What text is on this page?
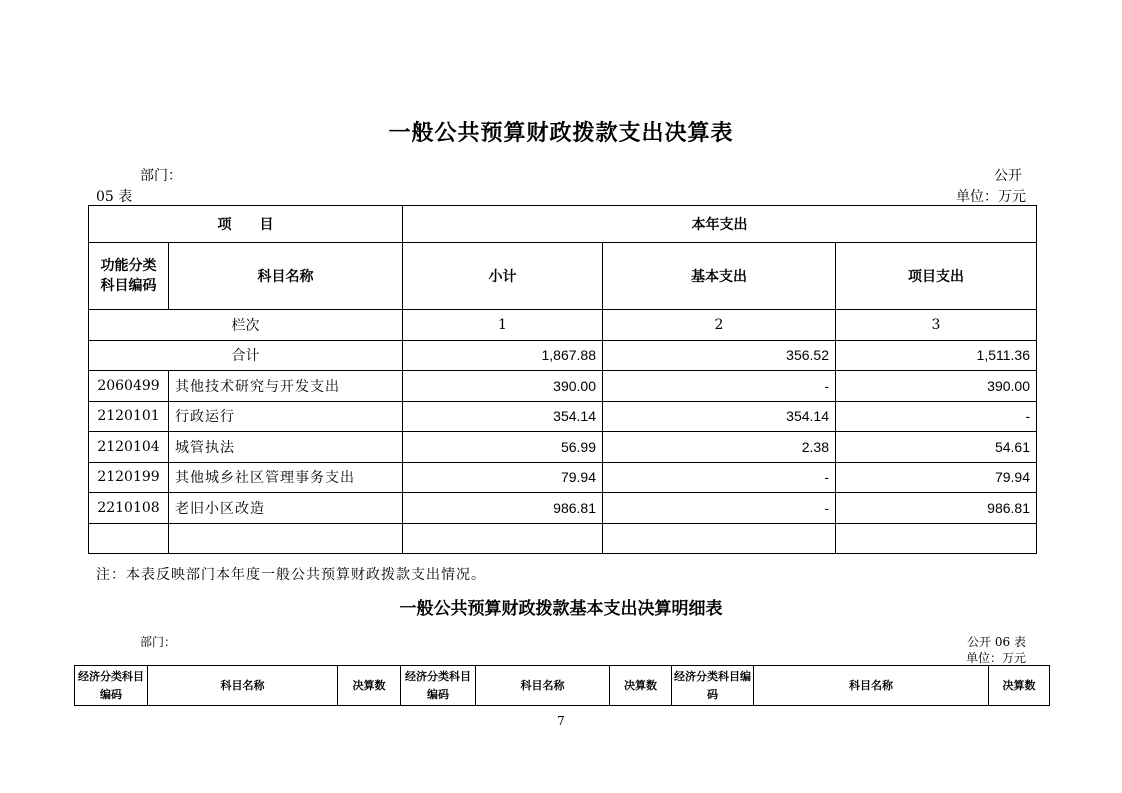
一般公共预算财政拨款支出决算表
部门：	公开
05 表	单位：万元
项　　目		本年支出		
功能分类科目编码	科目名称	小计	基本支出	项目支出
栏次		1	2	3
合计		1,867.88	356.52	1,511.36
2060499	其他技术研究与开发支出	390.00	-	390.00
2120101	行政运行	354.14	354.14	-
2120104	城管执法	56.99	2.38	54.61
2120199	其他城乡社区管理事务支出	79.94	-	79.94
2210108	老旧小区改造	986.81	-	986.81

注：本表反映部门本年度一般公共预算财政拨款支出情况。
一般公共预算财政拨款基本支出决算明细表
部门：	公开 06 表
单位：万元
经济分类科目编码	科目名称	决算数	经济分类科目编码	科目名称	决算数	经济分类科目编码	科目名称	决算数
7
